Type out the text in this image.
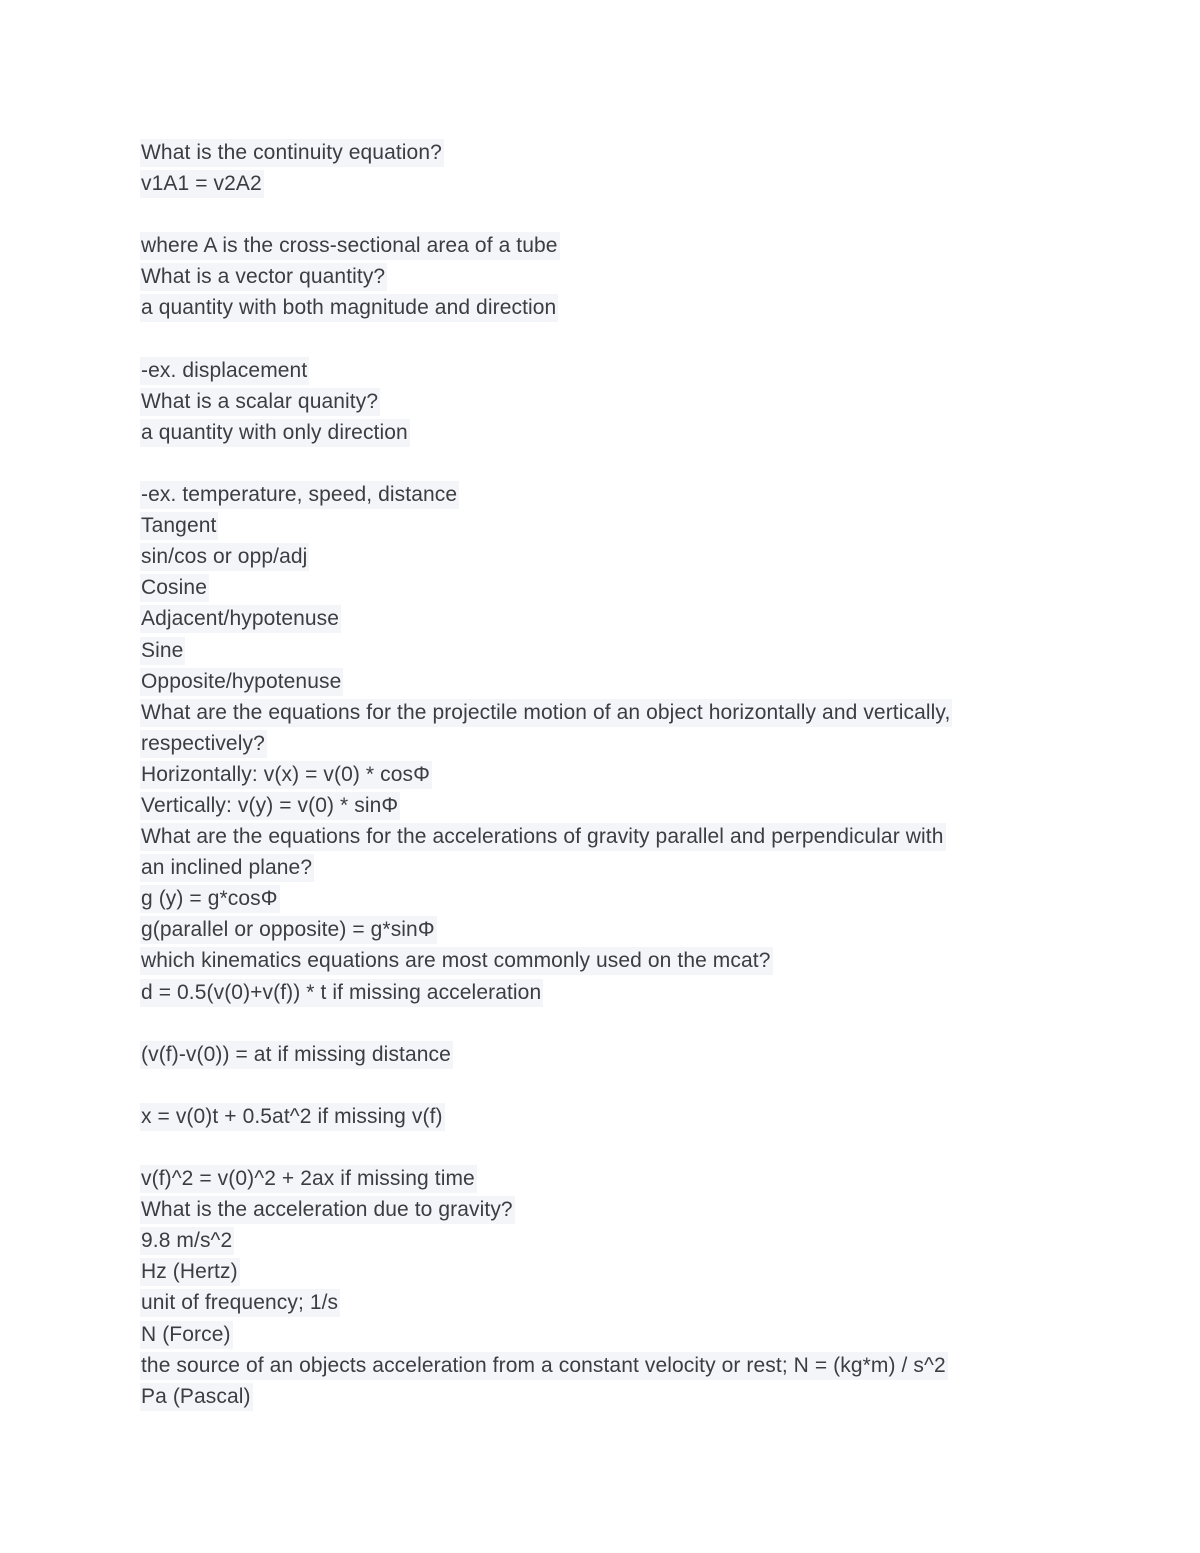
What is the continuity equation?
v1A1 = v2A2
where A is the cross-sectional area of a tube
What is a vector quantity?
a quantity with both magnitude and direction
-ex. displacement
What is a scalar quanity?
a quantity with only direction
-ex. temperature, speed, distance
Tangent
sin/cos or opp/adj
Cosine
Adjacent/hypotenuse
Sine
Opposite/hypotenuse
What are the equations for the projectile motion of an object horizontally and vertically,
respectively?
Horizontally: v(x) = v(0) * cosΦ
Vertically: v(y) = v(0) * sinΦ
What are the equations for the accelerations of gravity parallel and perpendicular with
an inclined plane?
g (y) = g*cosΦ
g(parallel or opposite) = g*sinΦ
which kinematics equations are most commonly used on the mcat?
d = 0.5(v(0)+v(f)) * t if missing acceleration
(v(f)-v(0)) = at if missing distance
x = v(0)t + 0.5at^2 if missing v(f)
v(f)^2 = v(0)^2 + 2ax if missing time
What is the acceleration due to gravity?
9.8 m/s^2
Hz (Hertz)
unit of frequency; 1/s
N (Force)
the source of an objects acceleration from a constant velocity or rest; N = (kg*m) / s^2
Pa (Pascal)
